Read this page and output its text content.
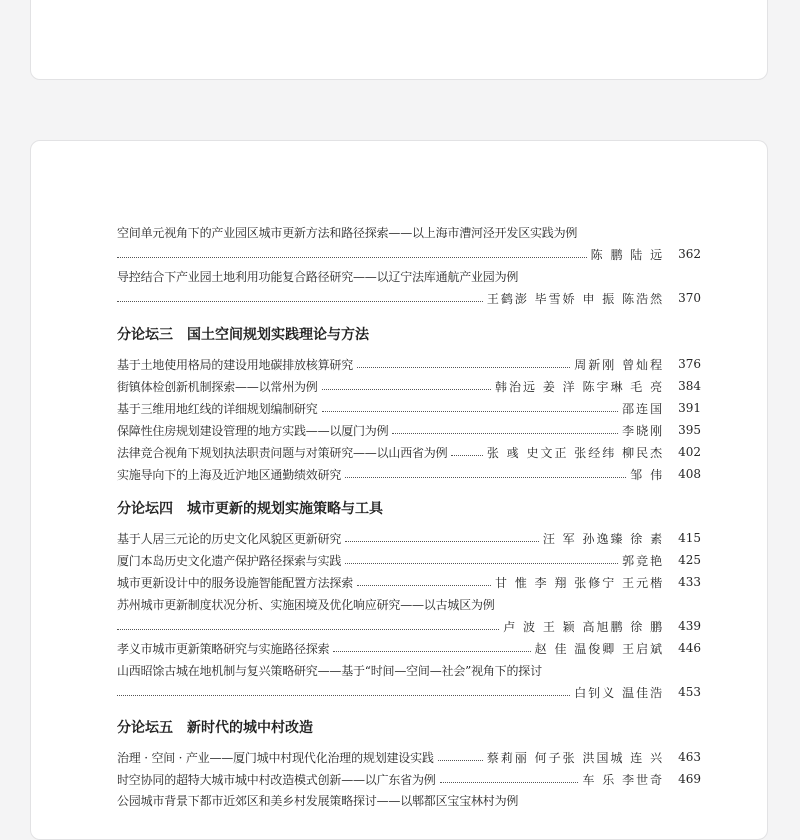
空间单元视角下的产业园区城市更新方法和路径探索——以上海市漕河泾开发区实践为例
陈 鹏 陆 远 362
导控结合下产业园土地利用功能复合路径研究——以辽宁法库通航产业园为例
王鹤澎 毕雪娇 申 振 陈浩然 370
分论坛三 国土空间规划实践理论与方法
基于土地使用格局的建设用地碳排放核算研究	周新刚 曾灿程 376
街镇体检创新机制探索——以常州为例	韩治远 姜 洋 陈宇琳 毛 亮 384
基于三维用地红线的详细规划编制研究	邵连国 391
保障性住房规划建设管理的地方实践——以厦门为例	李晓刚 395
法律竞合视角下规划执法职责问题与对策研究——以山西省为例	张 彧 史文正 张经纬 柳民杰 402
实施导向下的上海及近沪地区通勤绩效研究	邹 伟 408
分论坛四 城市更新的规划实施策略与工具
基于人居三元论的历史文化风貌区更新研究	汪 军 孙逸臻 徐 素 415
厦门本岛历史文化遗产保护路径探索与实践	郭竞艳 425
城市更新设计中的服务设施智能配置方法探索	甘 惟 李 翔 张修宁 王元楷 433
苏州城市更新制度状况分析、实施困境及优化响应研究——以古城区为例
卢 波 王 颖 高旭鹏 徐 鹏 439
孝义市城市更新策略研究与实施路径探索	赵 佳 温俊卿 王启斌 446
山西昭馀古城在地机制与复兴策略研究——基于“时间—空间—社会”视角下的探讨
白钊义 温佳浩 453
分论坛五 新时代的城中村改造
治理 · 空间 · 产业——厦门城中村现代化治理的规划建设实践	蔡莉丽 何子张 洪国城 连 兴 463
时空协同的超特大城市城中村改造模式创新——以广东省为例	车 乐 李世奇 469
公园城市背景下都市近郊区和美乡村发展策略探讨——以郫都区宝宝林村为例
